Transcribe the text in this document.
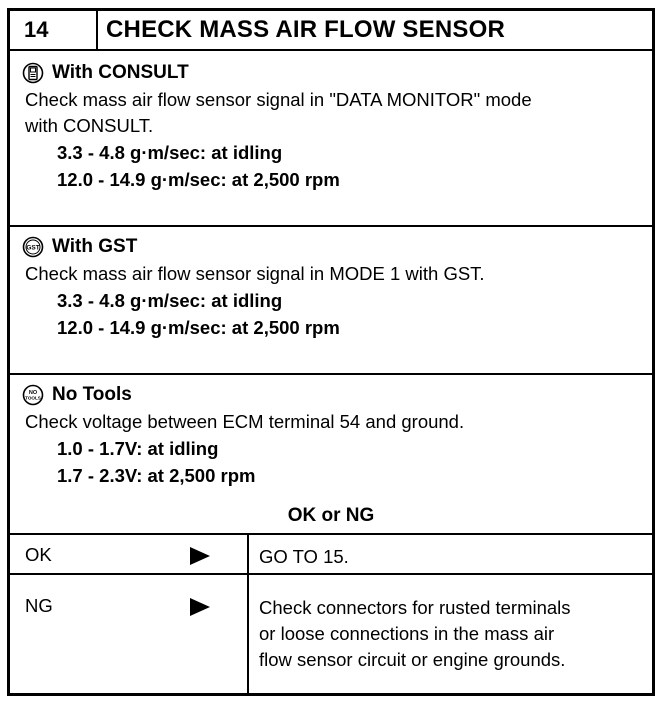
14	CHECK MASS AIR FLOW SENSOR
With CONSULT
Check mass air flow sensor signal in "DATA MONITOR" mode
with CONSULT.
3.3 - 4.8 g·m/sec: at idling
12.0 - 14.9 g·m/sec: at 2,500 rpm
GST With GST
Check mass air flow sensor signal in MODE 1 with GST.
3.3 - 4.8 g·m/sec: at idling
12.0 - 14.9 g·m/sec: at 2,500 rpm
NO
TOOLS No Tools
Check voltage between ECM terminal 54 and ground.
1.0 - 1.7V: at idling
1.7 - 2.3V: at 2,500 rpm
OK or NG
OK	GO TO 15.
NG	Check connectors for rusted terminals
or loose connections in the mass air
flow sensor circuit or engine grounds.
